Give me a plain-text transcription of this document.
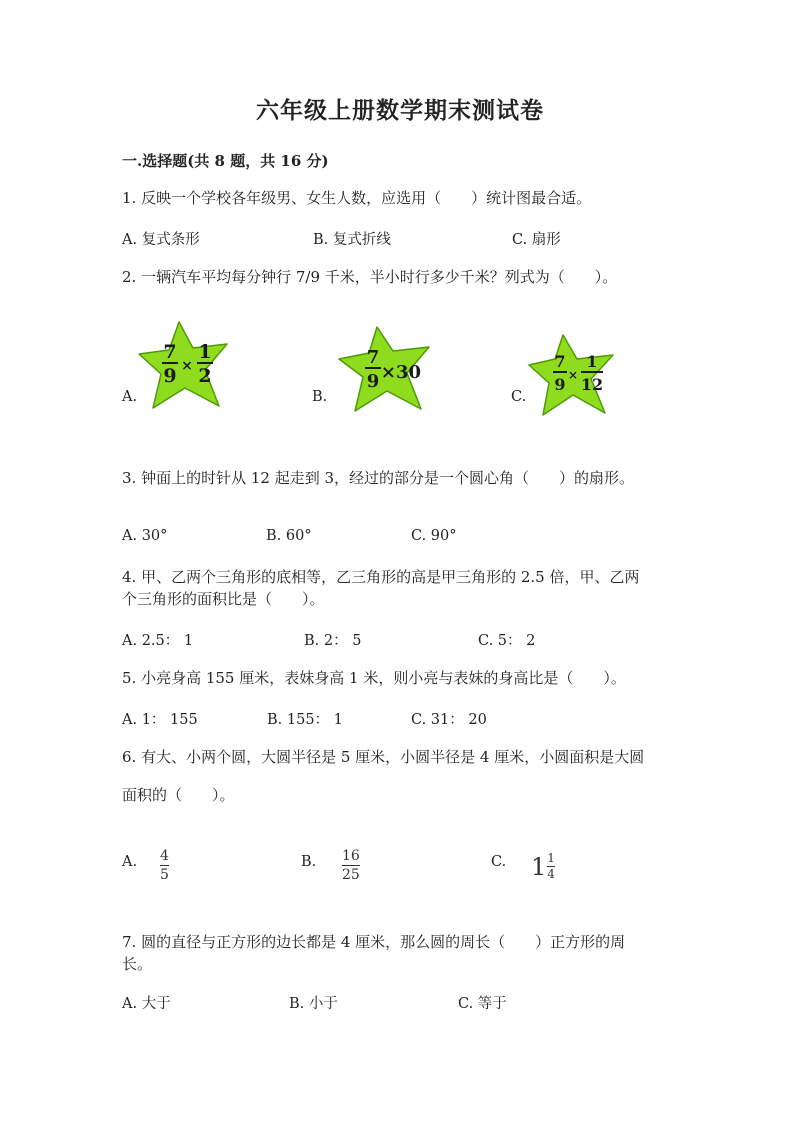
六年级上册数学期末测试卷
一.选择题(共 8 题，共 16 分)
1. 反映一个学校各年级男、女生人数，应选用（　　）统计图最合适。
A. 复式条形	B. 复式折线	C. 扇形
2. 一辆汽车平均每分钟行 7/9 千米，半小时行多少千米？列式为（　　）。
A.	B.	C.
7
9 ×
1
2
7
9 ×30
7
9 ×
1
12
3. 钟面上的时针从 12 起走到 3，经过的部分是一个圆心角（　　）的扇形。
A. 30°	B. 60°	C. 90°
4. 甲、乙两个三角形的底相等，乙三角形的高是甲三角形的 2.5 倍，甲、乙两
个三角形的面积比是（　　）。
A. 2.5： 1	B. 2： 5	C. 5： 2
5. 小亮身高 155 厘米，表妹身高 1 米，则小亮与表妹的身高比是（　　）。
A. 1： 155	B. 155： 1	C. 31： 20
6. 有大、小两个圆，大圆半径是 5 厘米，小圆半径是 4 厘米，小圆面积是大圆
面积的（　　）。
A. 4
5
B. 16
25
C. $1 \frac{1}{4}$
7. 圆的直径与正方形的边长都是 4 厘米，那么圆的周长（　　）正方形的周
长。
A. 大于	B. 小于	C. 等于
